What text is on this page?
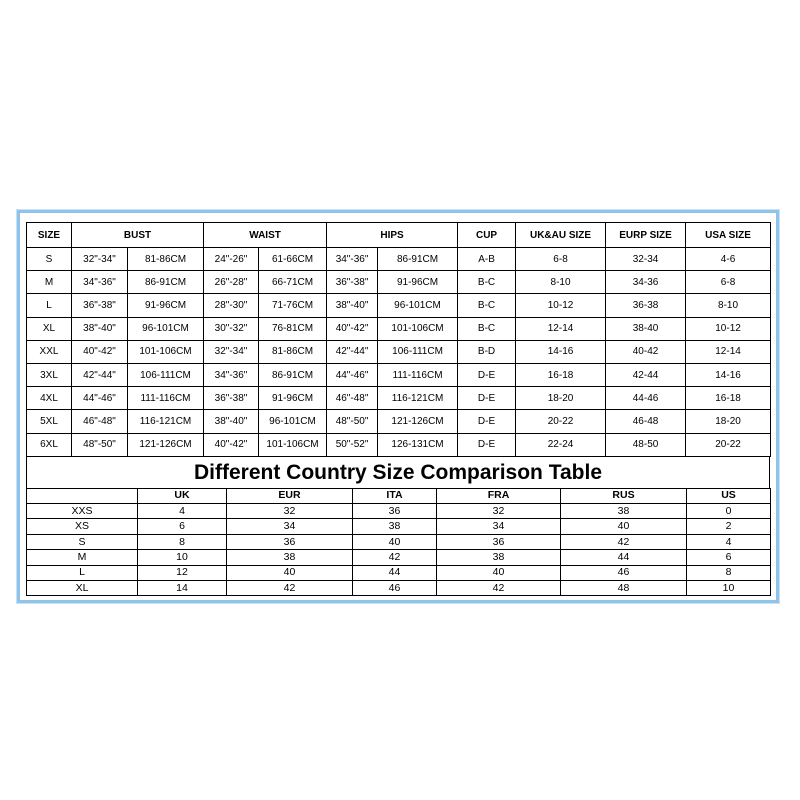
SIZE	BUST		WAIST		HIPS		CUP	UK&AU SIZE	EURP SIZE	USA SIZE
S	32"-34"	81-86CM	24"-26"	61-66CM	34"-36"	86-91CM	A-B	6-8	32-34	4-6
M	34"-36"	86-91CM	26"-28"	66-71CM	36"-38"	91-96CM	B-C	8-10	34-36	6-8
L	36"-38"	91-96CM	28"-30"	71-76CM	38"-40"	96-101CM	B-C	10-12	36-38	8-10
XL	38"-40"	96-101CM	30"-32"	76-81CM	40"-42"	101-106CM	B-C	12-14	38-40	10-12
XXL	40"-42"	101-106CM	32"-34"	81-86CM	42"-44"	106-111CM	B-D	14-16	40-42	12-14
3XL	42"-44"	106-111CM	34"-36"	86-91CM	44"-46"	111-116CM	D-E	16-18	42-44	14-16
4XL	44"-46"	111-116CM	36"-38"	91-96CM	46"-48"	116-121CM	D-E	18-20	44-46	16-18
5XL	46"-48"	116-121CM	38"-40"	96-101CM	48"-50"	121-126CM	D-E	20-22	46-48	18-20
6XL	48"-50"	121-126CM	40"-42"	101-106CM	50"-52"	126-131CM	D-E	22-24	48-50	20-22
Different Country Size Comparison Table
	UK	EUR	ITA	FRA	RUS	US
XXS	4	32	36	32	38	0
XS	6	34	38	34	40	2
S	8	36	40	36	42	4
M	10	38	42	38	44	6
L	12	40	44	40	46	8
XL	14	42	46	42	48	10
